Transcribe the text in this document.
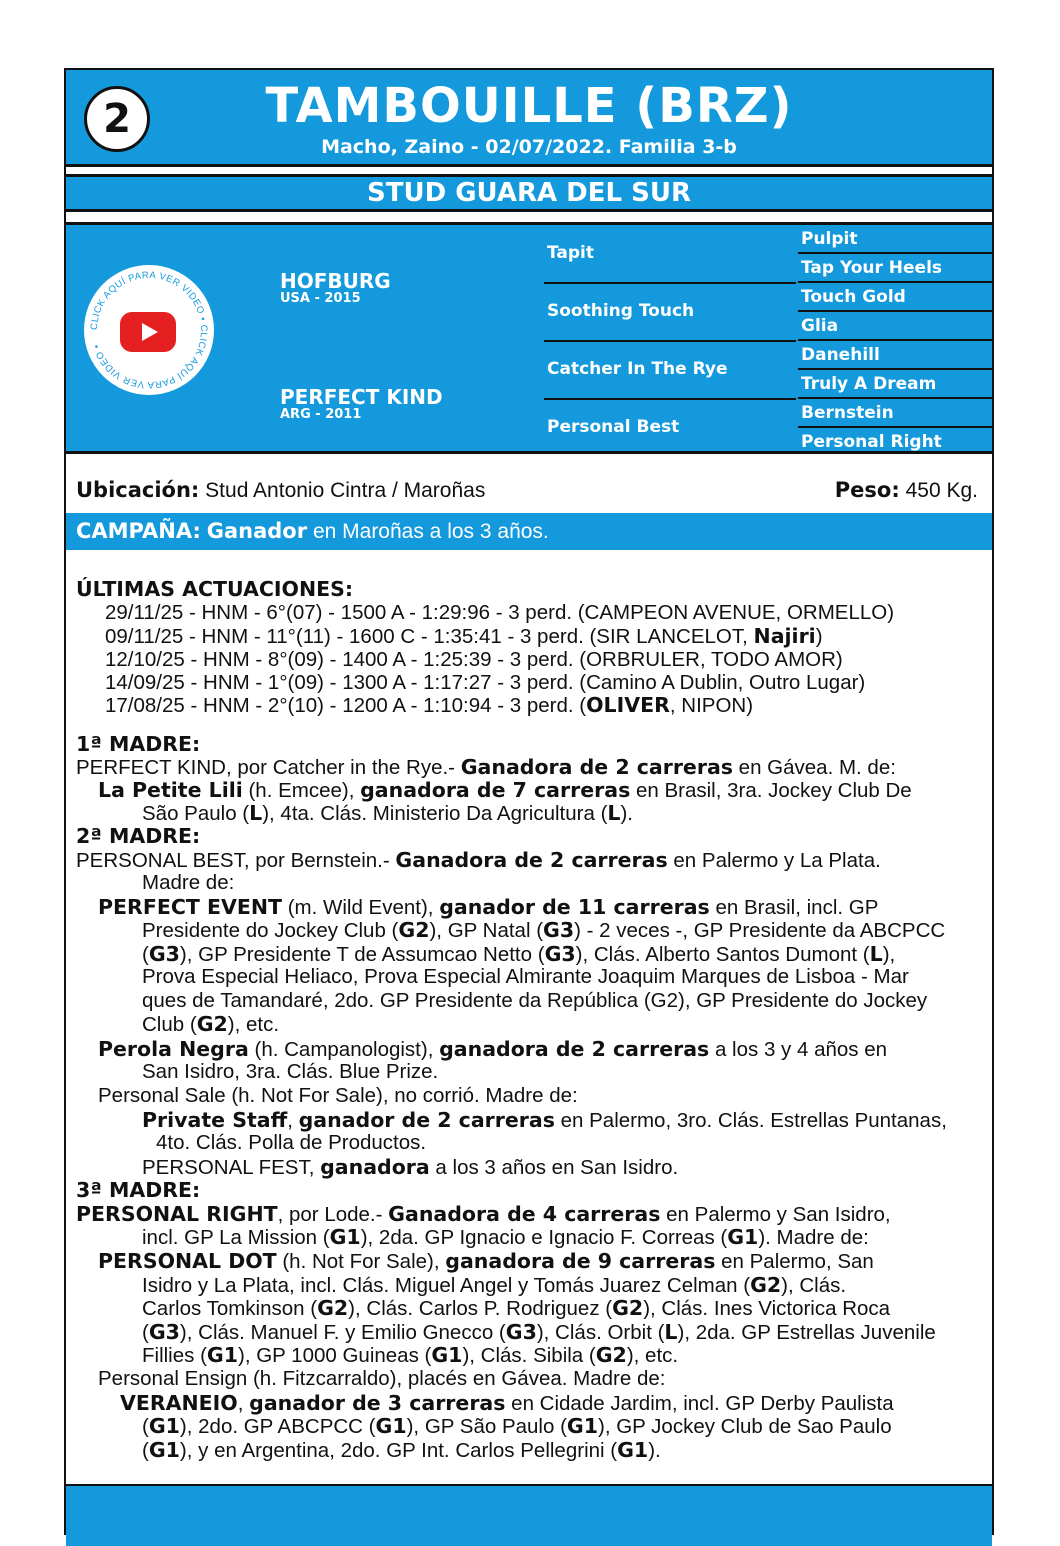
2	TAMBOUILLE (BRZ)
Macho, Zaino - 02/07/2022. Familia 3-b
STUD GUARA DEL SUR
CLICK AQUÍ PARA VER VIDEO • CLICK AQUÍ PARA VER VIDEO •
HOFBURG
USA - 2015
PERFECT KIND
ARG - 2011
Tapit
Soothing Touch
Catcher In The Rye
Personal Best
Pulpit
Tap Your Heels
Touch Gold
Glia
Danehill
Truly A Dream
Bernstein
Personal Right
Ubicación: Stud Antonio Cintra / Maroñas	Peso: 450 Kg.
CAMPAÑA: Ganador en Maroñas a los 3 años.
ÚLTIMAS ACTUACIONES:
29/11/25 - HNM - 6°(07) - 1500 A - 1:29:96 - 3 perd. (CAMPEON AVENUE, ORMELLO)
09/11/25 - HNM - 11°(11) - 1600 C - 1:35:41 - 3 perd. (SIR LANCELOT, Najiri)
12/10/25 - HNM - 8°(09) - 1400 A - 1:25:39 - 3 perd. (ORBRULER, TODO AMOR)
14/09/25 - HNM - 1°(09) - 1300 A - 1:17:27 - 3 perd. (Camino A Dublin, Outro Lugar)
17/08/25 - HNM - 2°(10) - 1200 A - 1:10:94 - 3 perd. (OLIVER, NIPON)
1ª MADRE:
PERFECT KIND, por Catcher in the Rye.- Ganadora de 2 carreras en Gávea. M. de:
La Petite Lili (h. Emcee), ganadora de 7 carreras en Brasil, 3ra. Jockey Club De
São Paulo (L), 4ta. Clás. Ministerio Da Agricultura (L).
2ª MADRE:
PERSONAL BEST, por Bernstein.- Ganadora de 2 carreras en Palermo y La Plata.
Madre de:
PERFECT EVENT (m. Wild Event), ganador de 11 carreras en Brasil, incl. GP
Presidente do Jockey Club (G2), GP Natal (G3) - 2 veces -, GP Presidente da ABCPCC
(G3), GP Presidente T de Assumcao Netto (G3), Clás. Alberto Santos Dumont (L),
Prova Especial Heliaco, Prova Especial Almirante Joaquim Marques de Lisboa - Mar
ques de Tamandaré, 2do. GP Presidente da República (G2), GP Presidente do Jockey
Club (G2), etc.
Perola Negra (h. Campanologist), ganadora de 2 carreras a los 3 y 4 años en
San Isidro, 3ra. Clás. Blue Prize.
Personal Sale (h. Not For Sale), no corrió. Madre de:
Private Staff, ganador de 2 carreras en Palermo, 3ro. Clás. Estrellas Puntanas,
4to. Clás. Polla de Productos.
PERSONAL FEST, ganadora a los 3 años en San Isidro.
3ª MADRE:
PERSONAL RIGHT, por Lode.- Ganadora de 4 carreras en Palermo y San Isidro,
incl. GP La Mission (G1), 2da. GP Ignacio e Ignacio F. Correas (G1). Madre de:
PERSONAL DOT (h. Not For Sale), ganadora de 9 carreras en Palermo, San
Isidro y La Plata, incl. Clás. Miguel Angel y Tomás Juarez Celman (G2), Clás.
Carlos Tomkinson (G2), Clás. Carlos P. Rodriguez (G2), Clás. Ines Victorica Roca
(G3), Clás. Manuel F. y Emilio Gnecco (G3), Clás. Orbit (L), 2da. GP Estrellas Juvenile
Fillies (G1), GP 1000 Guineas (G1), Clás. Sibila (G2), etc.
Personal Ensign (h. Fitzcarraldo), placés en Gávea. Madre de:
VERANEIO, ganador de 3 carreras en Cidade Jardim, incl. GP Derby Paulista
(G1), 2do. GP ABCPCC (G1), GP São Paulo (G1), GP Jockey Club de Sao Paulo
(G1), y en Argentina, 2do. GP Int. Carlos Pellegrini (G1).
